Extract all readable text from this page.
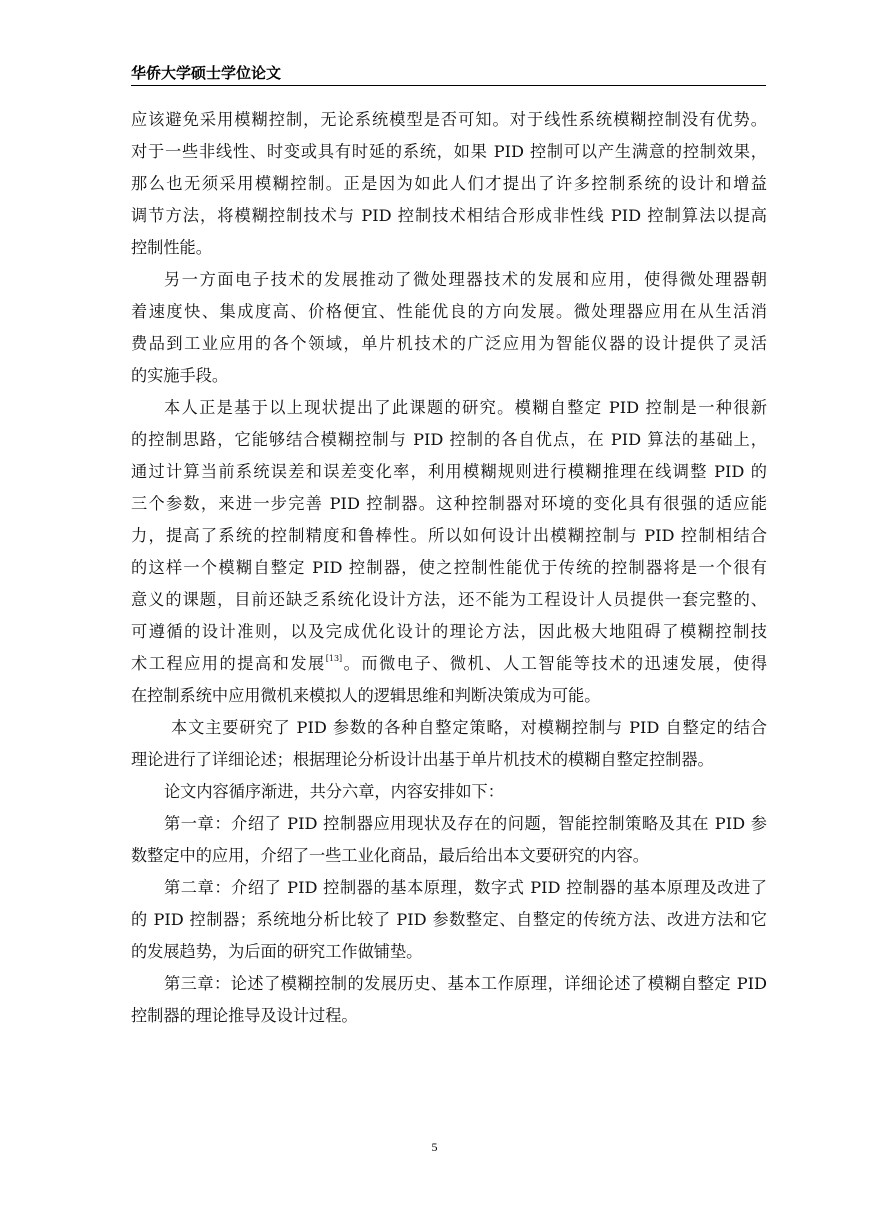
华侨大学硕士学位论文

应该避免采用模糊控制，无论系统模型是否可知。对于线性系统模糊控制没有优势。
对于一些非线性、时变或具有时延的系统，如果 PID 控制可以产生满意的控制效果，
那么也无须采用模糊控制。正是因为如此人们才提出了许多控制系统的设计和增益
调节方法，将模糊控制技术与 PID 控制技术相结合形成非性线 PID 控制算法以提高
控制性能。

另一方面电子技术的发展推动了微处理器技术的发展和应用，使得微处理器朝
着速度快、集成度高、价格便宜、性能优良的方向发展。微处理器应用在从生活消
费品到工业应用的各个领域，单片机技术的广泛应用为智能仪器的设计提供了灵活
的实施手段。

本人正是基于以上现状提出了此课题的研究。模糊自整定 PID 控制是一种很新
的控制思路，它能够结合模糊控制与 PID 控制的各自优点，在 PID 算法的基础上，
通过计算当前系统误差和误差变化率，利用模糊规则进行模糊推理在线调整 PID 的
三个参数，来进一步完善 PID 控制器。这种控制器对环境的变化具有很强的适应能
力，提高了系统的控制精度和鲁棒性。所以如何设计出模糊控制与 PID 控制相结合
的这样一个模糊自整定 PID 控制器，使之控制性能优于传统的控制器将是一个很有
意义的课题，目前还缺乏系统化设计方法，还不能为工程设计人员提供一套完整的、
可遵循的设计准则，以及完成优化设计的理论方法，因此极大地阻碍了模糊控制技
术工程应用的提高和发展[13]。而微电子、微机、人工智能等技术的迅速发展，使得
在控制系统中应用微机来模拟人的逻辑思维和判断决策成为可能。

本文主要研究了 PID 参数的各种自整定策略，对模糊控制与 PID 自整定的结合
理论进行了详细论述；根据理论分析设计出基于单片机技术的模糊自整定控制器。

论文内容循序渐进，共分六章，内容安排如下：

第一章：介绍了 PID 控制器应用现状及存在的问题，智能控制策略及其在 PID 参
数整定中的应用，介绍了一些工业化商品，最后给出本文要研究的内容。

第二章：介绍了 PID 控制器的基本原理，数字式 PID 控制器的基本原理及改进了
的 PID 控制器；系统地分析比较了 PID 参数整定、自整定的传统方法、改进方法和它
的发展趋势，为后面的研究工作做铺垫。

第三章：论述了模糊控制的发展历史、基本工作原理，详细论述了模糊自整定 PID
控制器的理论推导及设计过程。

5
